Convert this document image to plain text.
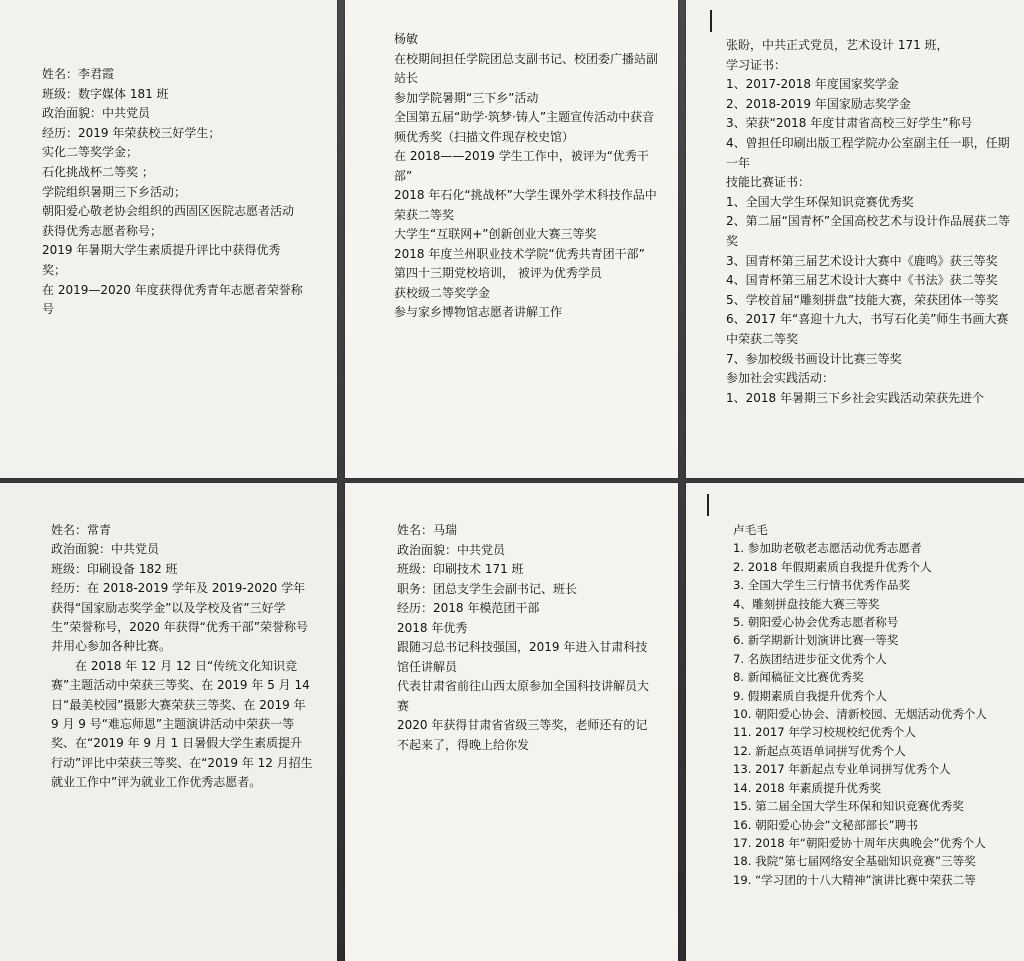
姓名：李君霞
班级：数字媒体 181 班
政治面貌：中共党员
经历：2019 年荣获校三好学生；
实化二等奖学金；
石化挑战杯二等奖 ；
学院组织暑期三下乡活动；
朝阳爱心敬老协会组织的西固区医院志愿者活动获得优秀志愿者称号；
2019 年暑期大学生素质提升评比中获得优秀奖；
在 2019—2020 年度获得优秀青年志愿者荣誉称号
杨敏
在校期间担任学院团总支副书记、校团委广播站副站长
参加学院暑期“三下乡”活动
全国第五届“助学·筑梦·铸人”主题宣传活动中获音频优秀奖（扫描文件现存校史馆）
在 2018——2019 学生工作中，被评为“优秀干部”
2018 年石化“挑战杯”大学生课外学术科技作品中荣获二等奖
大学生“互联网+”创新创业大赛三等奖
2018 年度兰州职业技术学院“优秀共青团干部”
第四十三期党校培训， 被评为优秀学员
获校级二等奖学金
参与家乡博物馆志愿者讲解工作
张盼，中共正式党员，艺术设计 171 班，
学习证书：
1、2017-2018 年度国家奖学金
2、2018-2019 年国家励志奖学金
3、荣获“2018 年度甘肃省高校三好学生”称号
4、曾担任印刷出版工程学院办公室副主任一职，任期一年
技能比赛证书：
1、全国大学生环保知识竞赛优秀奖
2、第二届“国青杯”全国高校艺术与设计作品展获二等奖
3、国青杯第三届艺术设计大赛中《鹿鸣》获三等奖
4、国青杯第三届艺术设计大赛中《书法》获二等奖
5、学校首届“雕刻拼盘”技能大赛，荣获团体一等奖
6、2017 年“喜迎十九大，书写石化美”师生书画大赛中荣获二等奖
7、参加校级书画设计比赛三等奖
参加社会实践活动：
1、2018 年暑期三下乡社会实践活动荣获先进个
姓名：常青
政治面貌：中共党员
班级：印刷设备 182 班
经历：在 2018-2019 学年及 2019-2020 学年获得“国家励志奖学金”以及学校及省”三好学生”荣誉称号，2020 年获得“优秀干部”荣誉称号并用心参加各种比赛。
在 2018 年 12 月 12 日“传统文化知识竞赛”主题活动中荣获三等奖、在 2019 年 5 月 14 日“最美校园”摄影大赛荣获三等奖、在 2019 年 9 月 9 号“难忘师恩”主题演讲活动中荣获一等奖、在“2019 年 9 月 1 日暑假大学生素质提升行动”评比中荣获三等奖、在“2019 年 12 月招生就业工作中”评为就业工作优秀志愿者。
姓名：马瑞
政治面貌：中共党员
班级：印刷技术 171 班
职务：团总支学生会副书记、班长
经历：2018 年模范团干部
2018 年优秀
跟随习总书记科技强国，2019 年进入甘肃科技馆任讲解员
代表甘肃省前往山西太原参加全国科技讲解员大赛
2020 年获得甘肃省省级三等奖，老师还有的记不起来了，得晚上给你发
卢毛毛
1. 参加助老敬老志愿活动优秀志愿者
2. 2018 年假期素质自我提升优秀个人
3. 全国大学生三行情书优秀作品奖
4、雕刻拼盘技能大赛三等奖
5. 朝阳爱心协会优秀志愿者称号
6. 新学期新计划演讲比赛一等奖
7. 名族团结进步征文优秀个人
8. 新闻稿征文比赛优秀奖
9. 假期素质自我提升优秀个人
10. 朝阳爱心协会、清新校园、无烟活动优秀个人
11. 2017 年学习校规校纪优秀个人
12. 新起点英语单词拼写优秀个人
13. 2017 年新起点专业单词拼写优秀个人
14. 2018 年素质提升优秀奖
15. 第二届全国大学生环保和知识竞赛优秀奖
16. 朝阳爱心协会“文秘部部长”聘书
17. 2018 年“朝阳爱协十周年庆典晚会”优秀个人
18. 我院“第七届网络安全基础知识竞赛”三等奖
19. “学习团的十八大精神”演讲比赛中荣获二等
